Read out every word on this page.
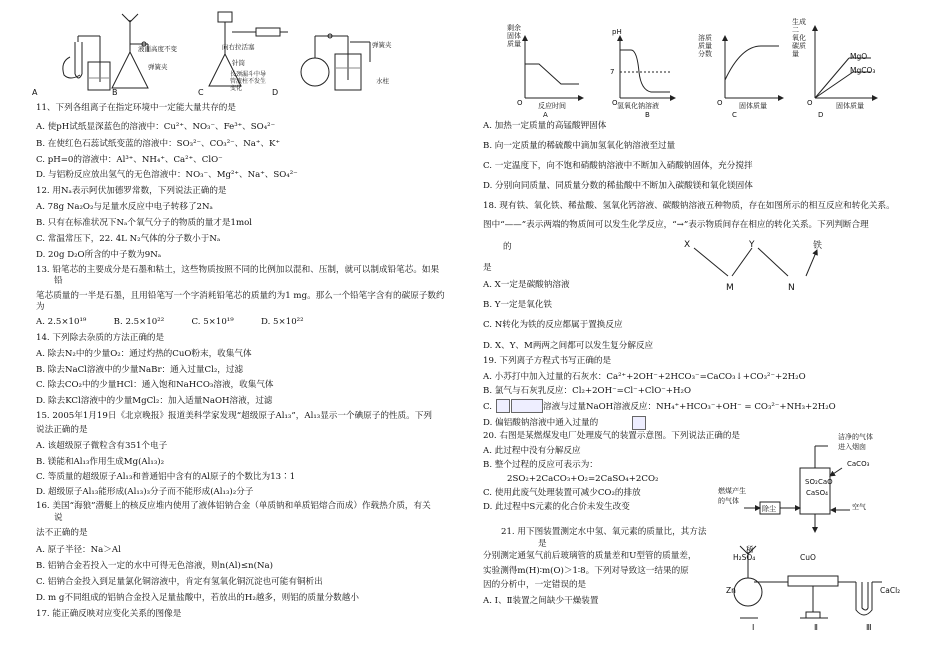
A	B	C	D
液面高度不变
弹簧夹
向右拉活塞
针筒
长颈漏斗中导
管液柱不发生
变化
弹簧夹
水柱
11、下列各组离子在指定环境中一定能大量共存的是
A. 使pH试纸显深蓝色的溶液中：Cu²⁺、NO₃⁻、Fe³⁺、SO₄²⁻
B. 在使红色石蕊试纸变蓝的溶液中：SO₃²⁻、CO₃²⁻、Na⁺、K⁺
C. pH=0的溶液中：Al³⁺、NH₄⁺、Ca²⁺、ClO⁻
D. 与铝粉反应放出氢气的无色溶液中：NO₃⁻、Mg²⁺、Na⁺、SO₄²⁻
12. 用Nₐ表示阿伏加德罗常数，下列说法正确的是
A. 78g Na₂O₂与足量水反应中电子转移了2Nₐ
B. 只有在标准状况下Nₐ个氧气分子的物质的量才是1mol
C. 常温常压下，22. 4L N₂气体的分子数小于Nₐ
D. 20g D₂O所含的中子数为9Nₐ
13. 铅笔芯的主要成分是石墨和粘土，这些物质按照不同的比例加以混和、压制，就可以制成铅笔芯。如果
铅
笔芯质量的一半是石墨，且用铅笔写一个字消耗铅笔芯的质量约为1 mg。那么一个铅笔字含有的碳原子数约
为
A. 2.5×10¹⁹          B. 2.5×10²²          C. 5×10¹⁹          D. 5×10²²
14. 下列除去杂质的方法正确的是
A. 除去N₂中的少量O₂：通过灼热的CuO粉末，收集气体
B. 除去NaCl溶液中的少量NaBr：通入过量Cl₂，过滤
C. 除去CO₂中的少量HCl：通入饱和NaHCO₃溶液，收集气体
D. 除去KCl溶液中的少量MgCl₂：加入适量NaOH溶液，过滤
15. 2005年1月19日《北京晚报》报道美科学家发现“超级原子Al₁₃”，Al₁₃显示一个碘原子的性质。下列
说法正确的是
A. 该超级原子微粒含有351个电子
B. 镁能和Al₁₃作用生成Mg(Al₁₃)₂
C. 等质量的超级原子Al₁₃和普通铝中含有的Al原子的个数比为13∶1
D. 超级原子Al₁₃能形成(Al₁₃)₃分子而不能形成(Al₁₃)₂分子
16. 美国“海狼”潜艇上的核反应堆内使用了液体铝钠合金（单质钠和单质铝熔合而成）作载热介质，有关
说
法不正确的是
A. 原子半径：Na＞Al
B. 铝钠合金若投入一定的水中可得无色溶液，则n(Al)≤n(Na)
C. 铝钠合金投入到足量氯化铜溶液中，肯定有氢氧化铜沉淀也可能有铜析出
D. m g不同组成的铝钠合金投入足量盐酸中，若放出的H₂越多，则铝的质量分数越小
17. 能正确反映对应变化关系的图像是
剩余
固体
质量
反应时间
O
A
pH
7
氢氧化钠溶液
O
B
溶质
质量
分数
固体质量
O
C
生成
二
氧化
碳质
量	MgO
MgCO₃
固体质量
O
D
A. 加热一定质量的高锰酸钾固体
B. 向一定质量的稀硫酸中滴加氢氧化钠溶液至过量
C. 一定温度下，向不饱和硝酸钠溶液中不断加入硝酸钠固体，充分搅拌
D. 分别向同质量、同质量分数的稀盐酸中不断加入碳酸镁和氧化镁固体
18. 现有铁、氧化铁、稀盐酸、氢氧化钙溶液、碳酸钠溶液五种物质，存在如图所示的相互反应和转化关系。
图中“——”表示两端的物质间可以发生化学反应，“→”表示物质间存在相应的转化关系。下列判断合理
的
是
X	Y	铁
M	N
A. X一定是碳酸钠溶液
B. Y一定是氧化铁
C. N转化为铁的反应都属于置换反应
D. X、Y、M两两之间都可以发生复分解反应
19. 下列离子方程式书写正确的是
A. 小苏打中加入过量的石灰水：Ca²⁺+2OH⁻+2HCO₃⁻=CaCO₃↓+CO₃²⁻+2H₂O
B. 氯气与石灰乳反应：Cl₂+2OH⁻=Cl⁻+ClO⁻+H₂O
C.	溶液与过量NaOH溶液反应：NH₄⁺+HCO₃⁻+OH⁻ = CO₃²⁻+NH₃+2H₂O
D. 偏铝酸钠溶液中通入过量的
20. 右图是某燃煤发电厂处理废气的装置示意图。下列说法正确的是
A. 此过程中没有分解反应
B. 整个过程的反应可表示为：
2SO₂+2CaCO₃+O₂=2CaSO₄+2CO₂
C. 使用此废气处理装置可减少CO₂的排放
D. 此过程中S元素的化合价未发生改变
洁净的气体
进入烟囱
CaCO₃
SO₂ CaO
CaSO₄
空气
燃煤产生
的气体
除尘
21. 用下图装置测定水中氢、氧元素的质量比，其方法
是
分别测定通氢气前后玻璃管的质量差和U型管的质量差，
实验测得m(H)∶m(O)＞1∶8。下列对导致这一结果的原
因的分析中，一定错误的是
A. Ⅰ、Ⅱ装置之间缺少干燥装置
稀
H₂SO₄	CuO
Zn	CaCl₂
Ⅰ	Ⅱ	Ⅲ
